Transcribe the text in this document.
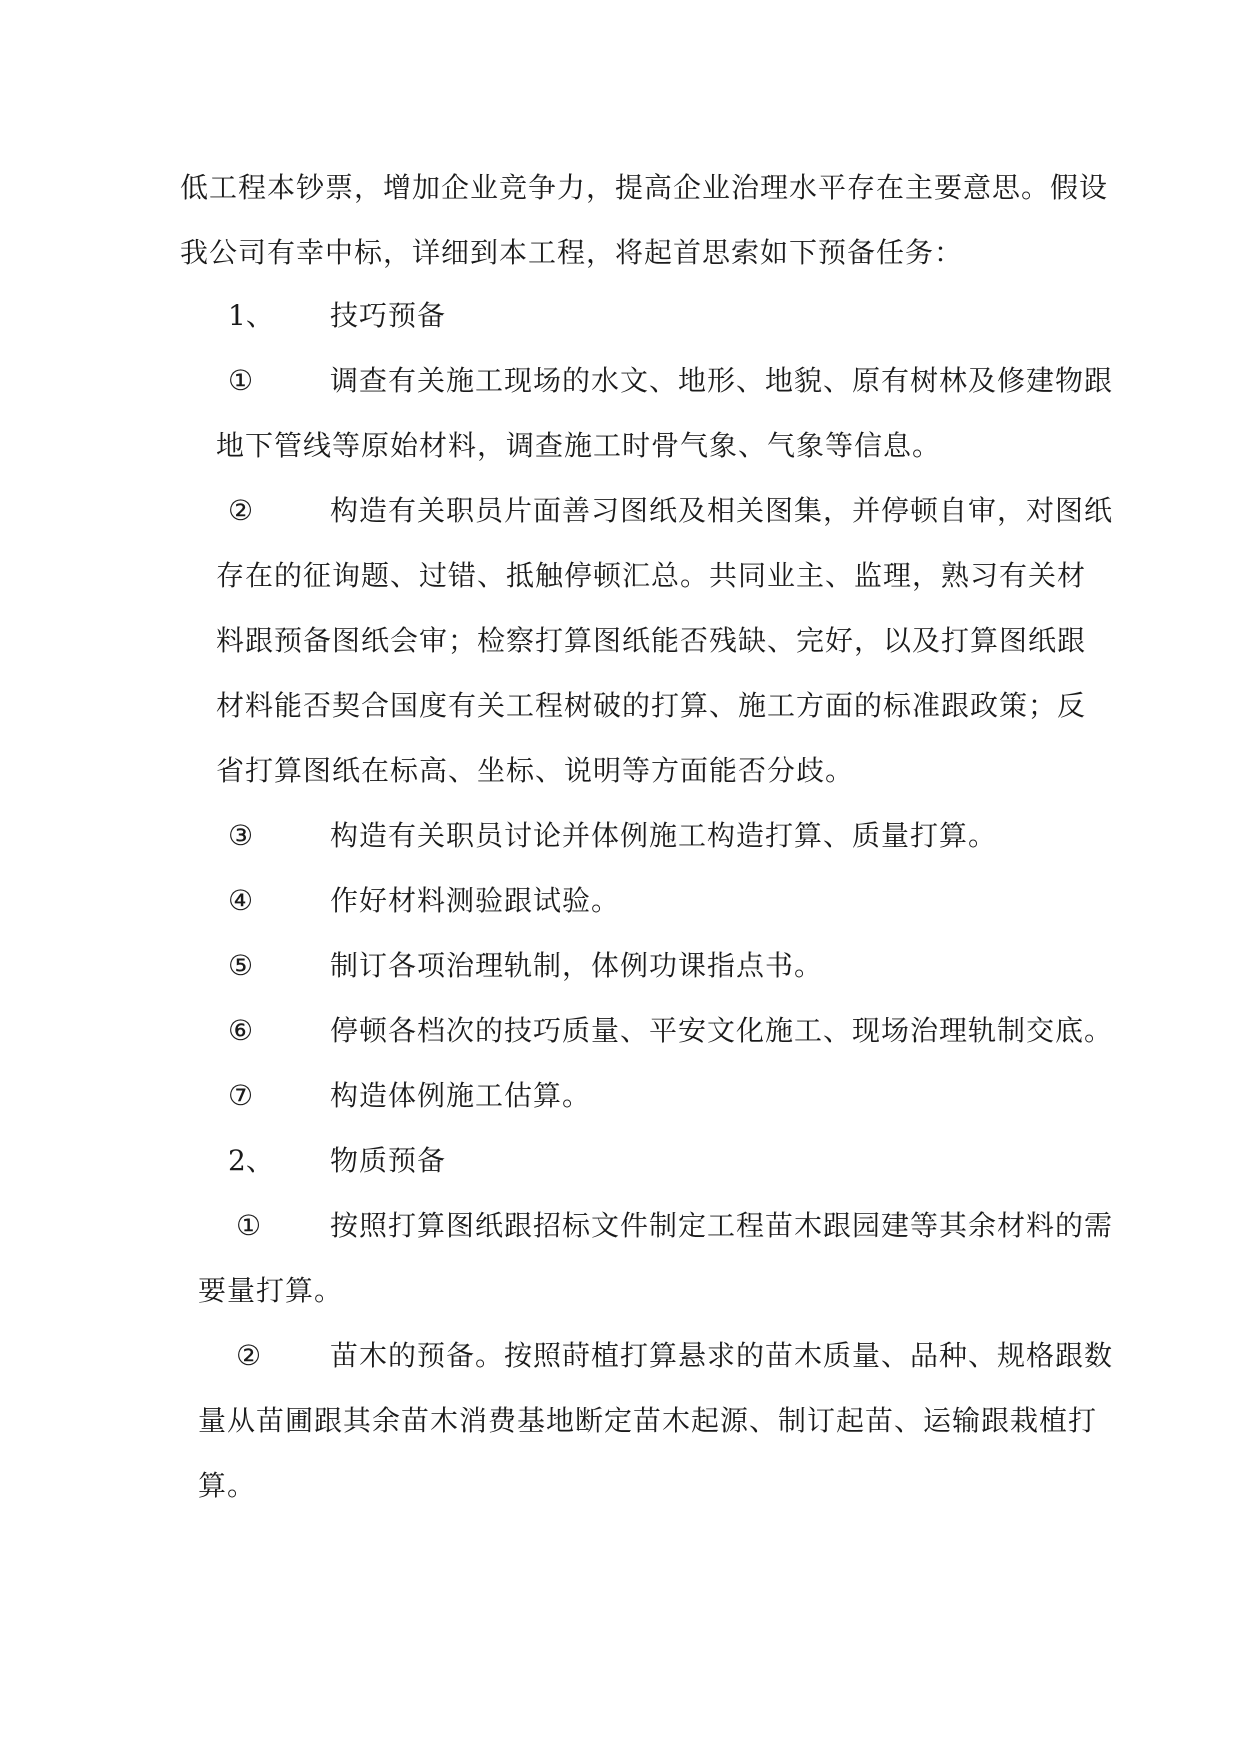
低工程本钞票，增加企业竞争力，提高企业治理水平存在主要意思。假设
我公司有幸中标，详细到本工程，将起首思索如下预备任务：
1、 技巧预备
①	调查有关施工现场的水文、地形、地貌、原有树林及修建物跟
地下管线等原始材料，调查施工时骨气象、气象等信息。
②	构造有关职员片面善习图纸及相关图集，并停顿自审，对图纸
存在的征询题、过错、抵触停顿汇总。共同业主、监理，熟习有关材
料跟预备图纸会审；检察打算图纸能否残缺、完好，以及打算图纸跟
材料能否契合国度有关工程树破的打算、施工方面的标准跟政策；反
省打算图纸在标高、坐标、说明等方面能否分歧。
③	构造有关职员讨论并体例施工构造打算、质量打算。
④	作好材料测验跟试验。
⑤	制订各项治理轨制，体例功课指点书。
⑥	停顿各档次的技巧质量、平安文化施工、现场治理轨制交底。
⑦	构造体例施工估算。
2、 物质预备
① 按照打算图纸跟招标文件制定工程苗木跟园建等其余材料的需
要量打算。
② 苗木的预备。按照莳植打算悬求的苗木质量、品种、规格跟数
量从苗圃跟其余苗木消费基地断定苗木起源、制订起苗、运输跟栽植打
算。
